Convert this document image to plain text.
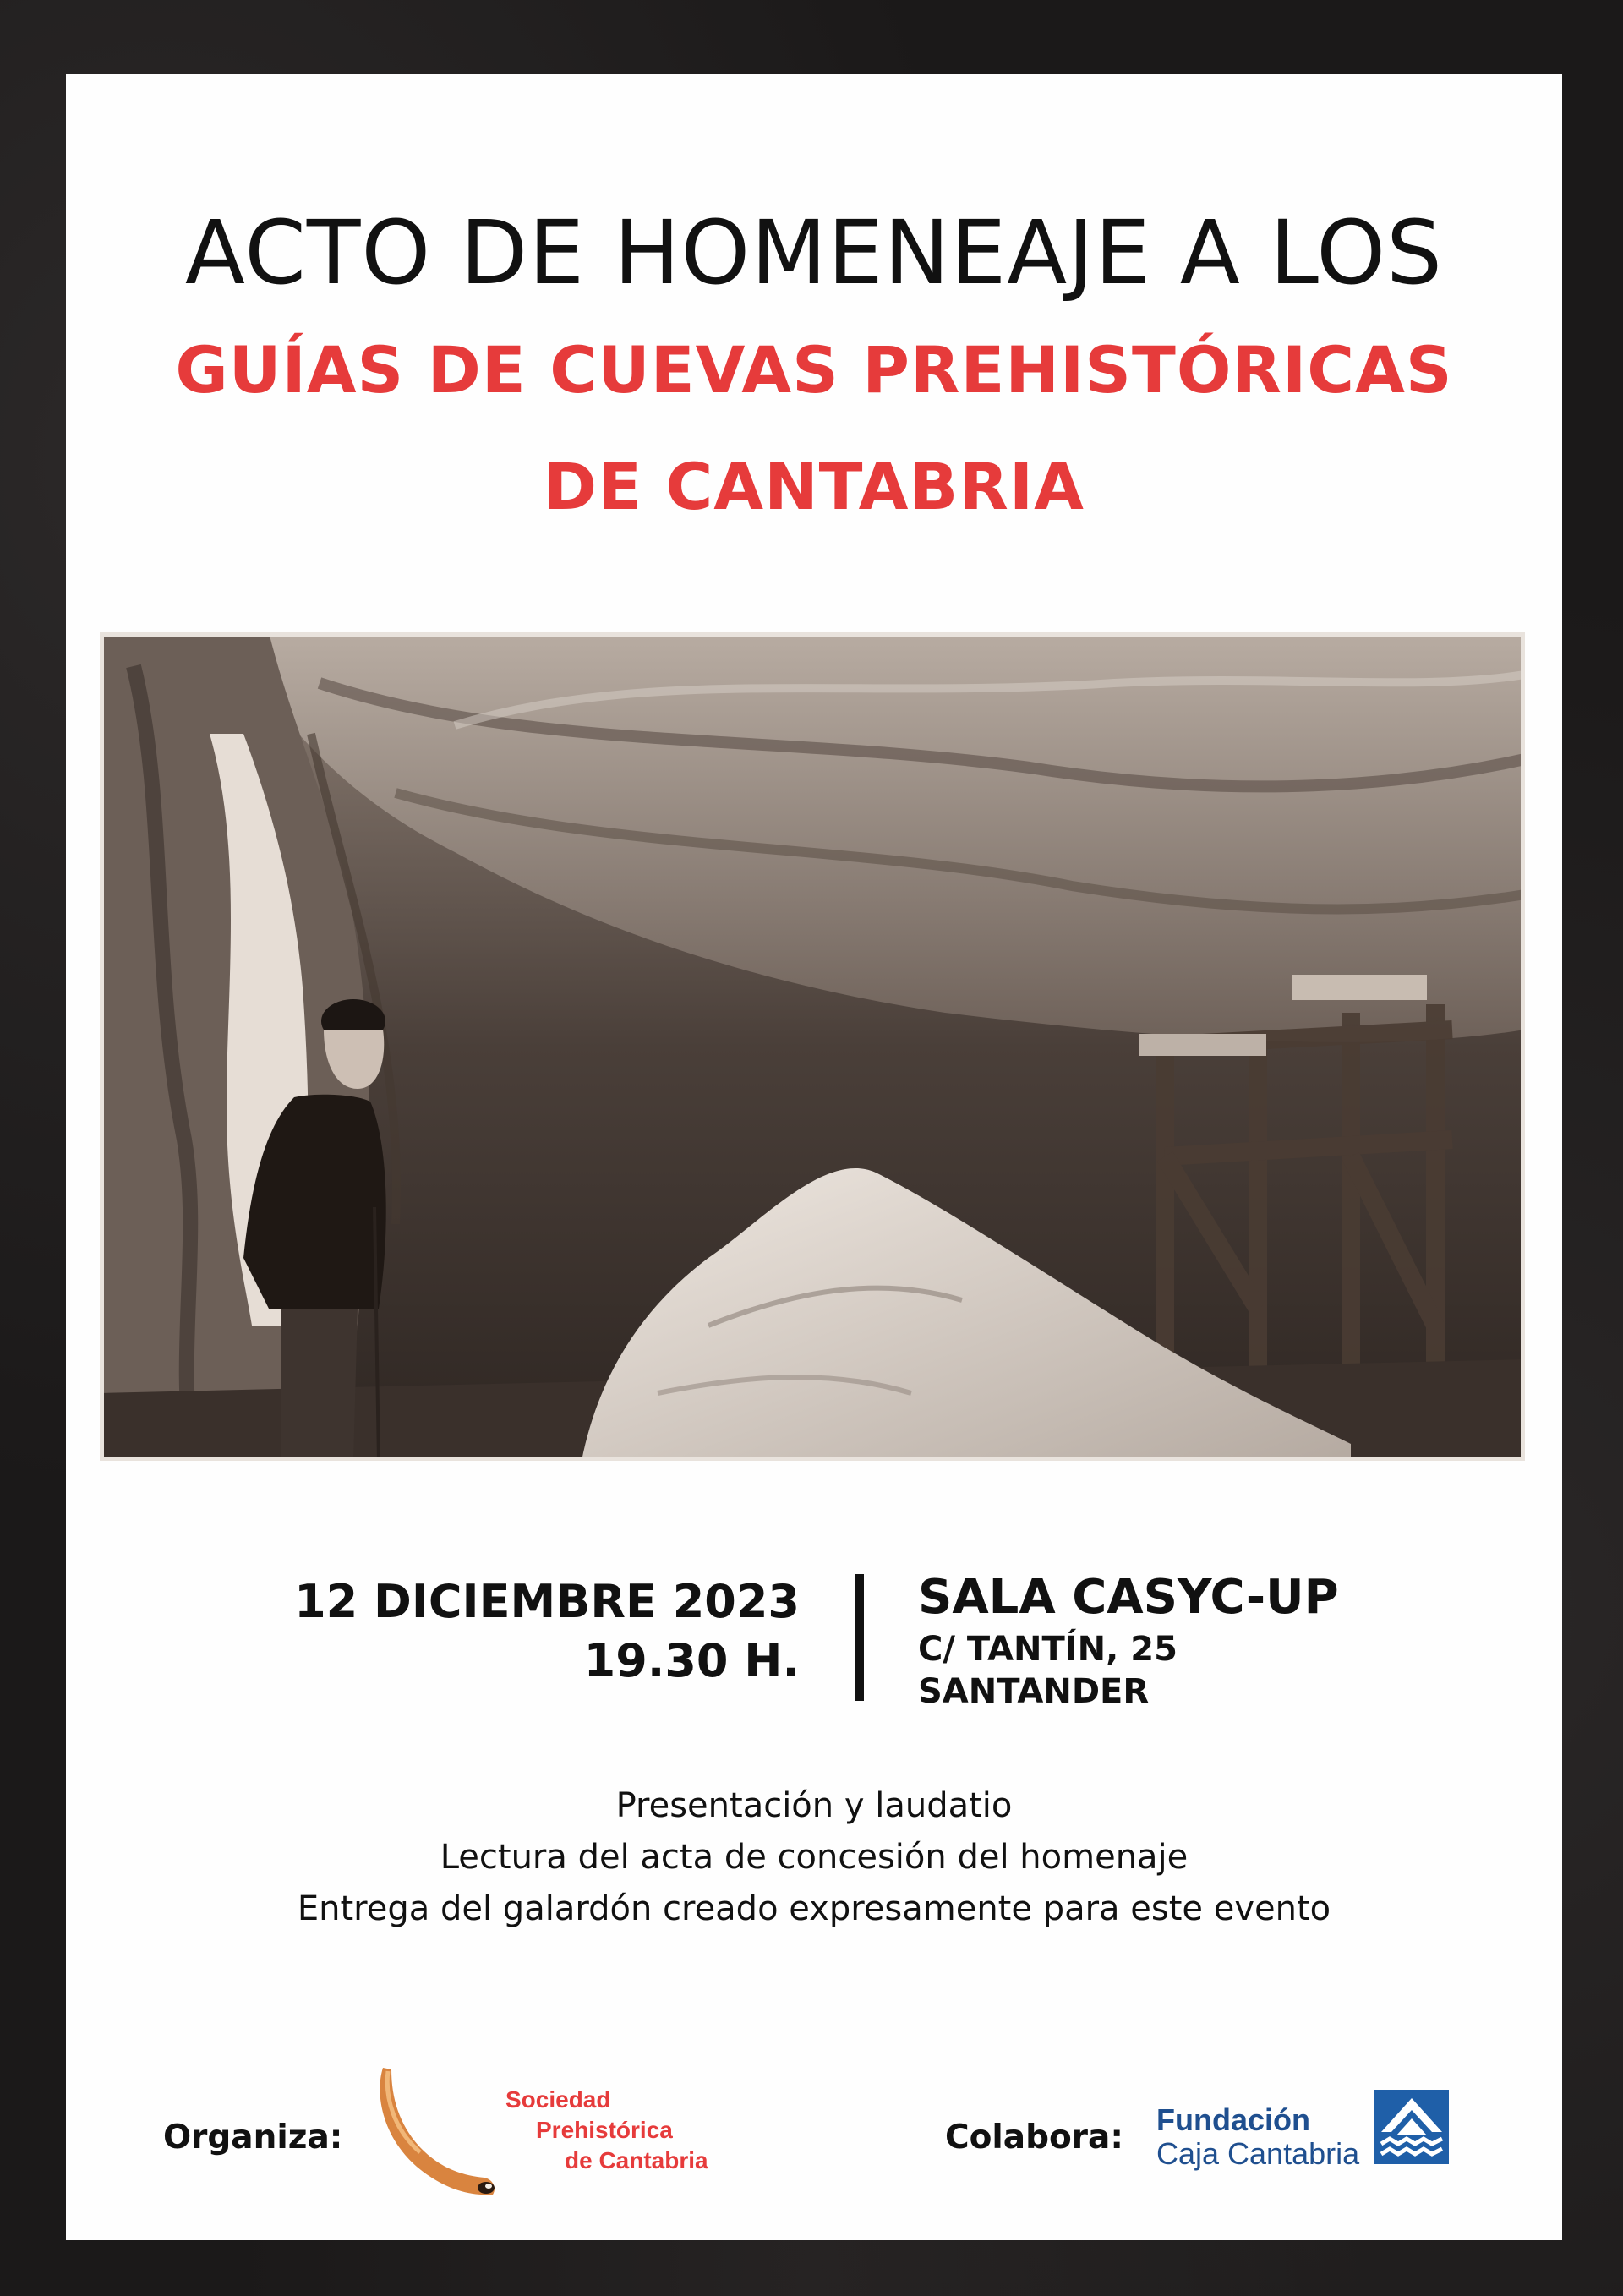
ACTO DE HOMENEAJE A LOS
GUÍAS DE CUEVAS PREHISTÓRICAS
DE CANTABRIA
12 DICIEMBRE 2023
19.30 H.
SALA CASYC-UP
C/ TANTÍN, 25
SANTANDER
Presentación y laudatio
Lectura del acta de concesión del homenaje
Entrega del galardón creado expresamente para este evento
Organiza:
Sociedad
Prehistórica
de Cantabria
Colabora: Fundación
Caja Cantabria
